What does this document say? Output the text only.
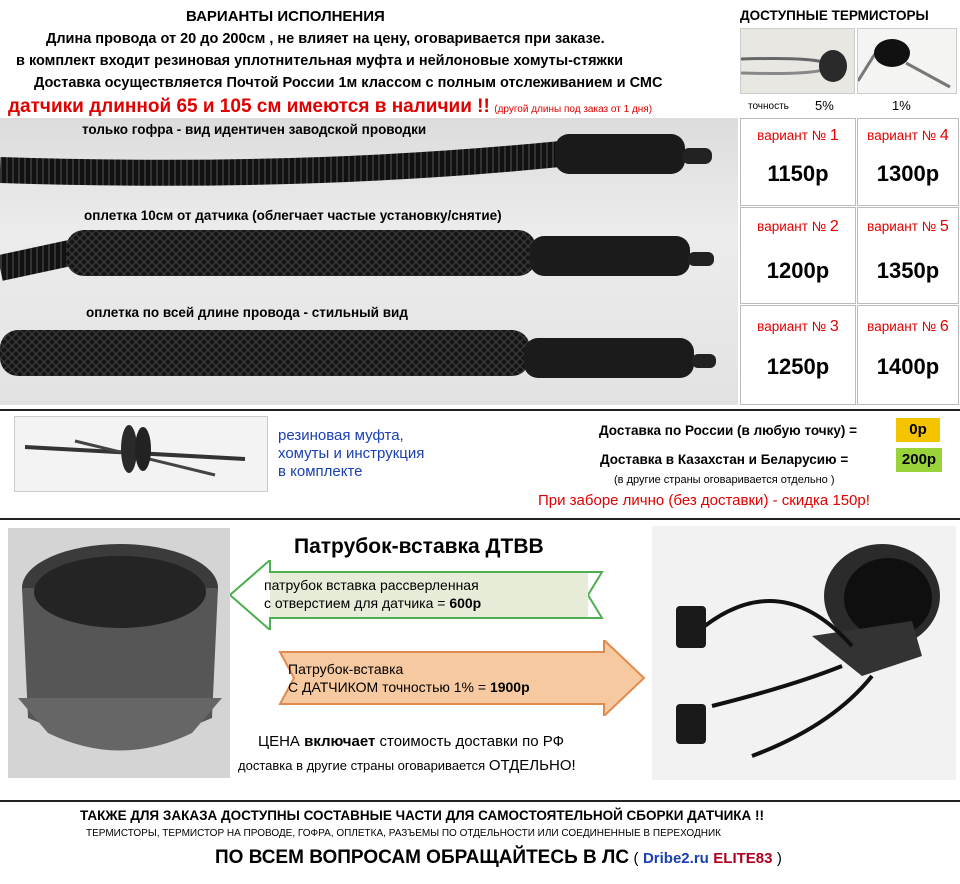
ВАРИАНТЫ ИСПОЛНЕНИЯ
Длина провода от 20 до 200см , не влияет на цену, оговаривается при заказе.
в комплект входит резиновая уплотнительная муфта и нейлоновые хомуты-стяжки
Доставка осуществляется Почтой России 1м классом с полным отслеживанием и СМС
датчики длинной 65 и 105 см имеются в наличии !! (другой длины под заказ от 1 дня)
ДОСТУПНЫЕ ТЕРМИСТОРЫ
точность 5%	1%
только гофра - вид идентичен заводской проводки
оплетка 10см от датчика (облегчает частые установку/снятие)
оплетка по всей длине провода - стильный вид
вариант № 1
1150р
вариант № 4
1300р
вариант № 2
1200р
вариант № 5
1350р
вариант № 3
1250р
вариант № 6
1400р
резиновая муфта,
хомуты и инструкция
в комплекте
Доставка по России (в любую точку) =	0р
Доставка в Казахстан и Беларусию =	200р
(в другие страны оговаривается отдельно )
При заборе лично (без доставки) - скидка 150р!
Патрубок-вставка ДТВВ
патрубок вставка рассверленная
с отверстием для датчика = 600р
Патрубок-вставка
С ДАТЧИКОМ точностью 1% = 1900р
ЦЕНА включает стоимость доставки по РФ
доставка в другие страны оговаривается ОТДЕЛЬНО!
ТАКЖЕ ДЛЯ ЗАКАЗА ДОСТУПНЫ СОСТАВНЫЕ ЧАСТИ ДЛЯ САМОСТОЯТЕЛЬНОЙ СБОРКИ ДАТЧИКА !!
ТЕРМИСТОРЫ, ТЕРМИСТОР НА ПРОВОДЕ, ГОФРА, ОПЛЕТКА, РАЗЪЕМЫ ПО ОТДЕЛЬНОСТИ ИЛИ СОЕДИНЕННЫЕ В ПЕРЕХОДНИК
ПО ВСЕМ ВОПРОСАМ ОБРАЩАЙТЕСЬ В ЛС ( Dribe2.ru ELITE83 )
